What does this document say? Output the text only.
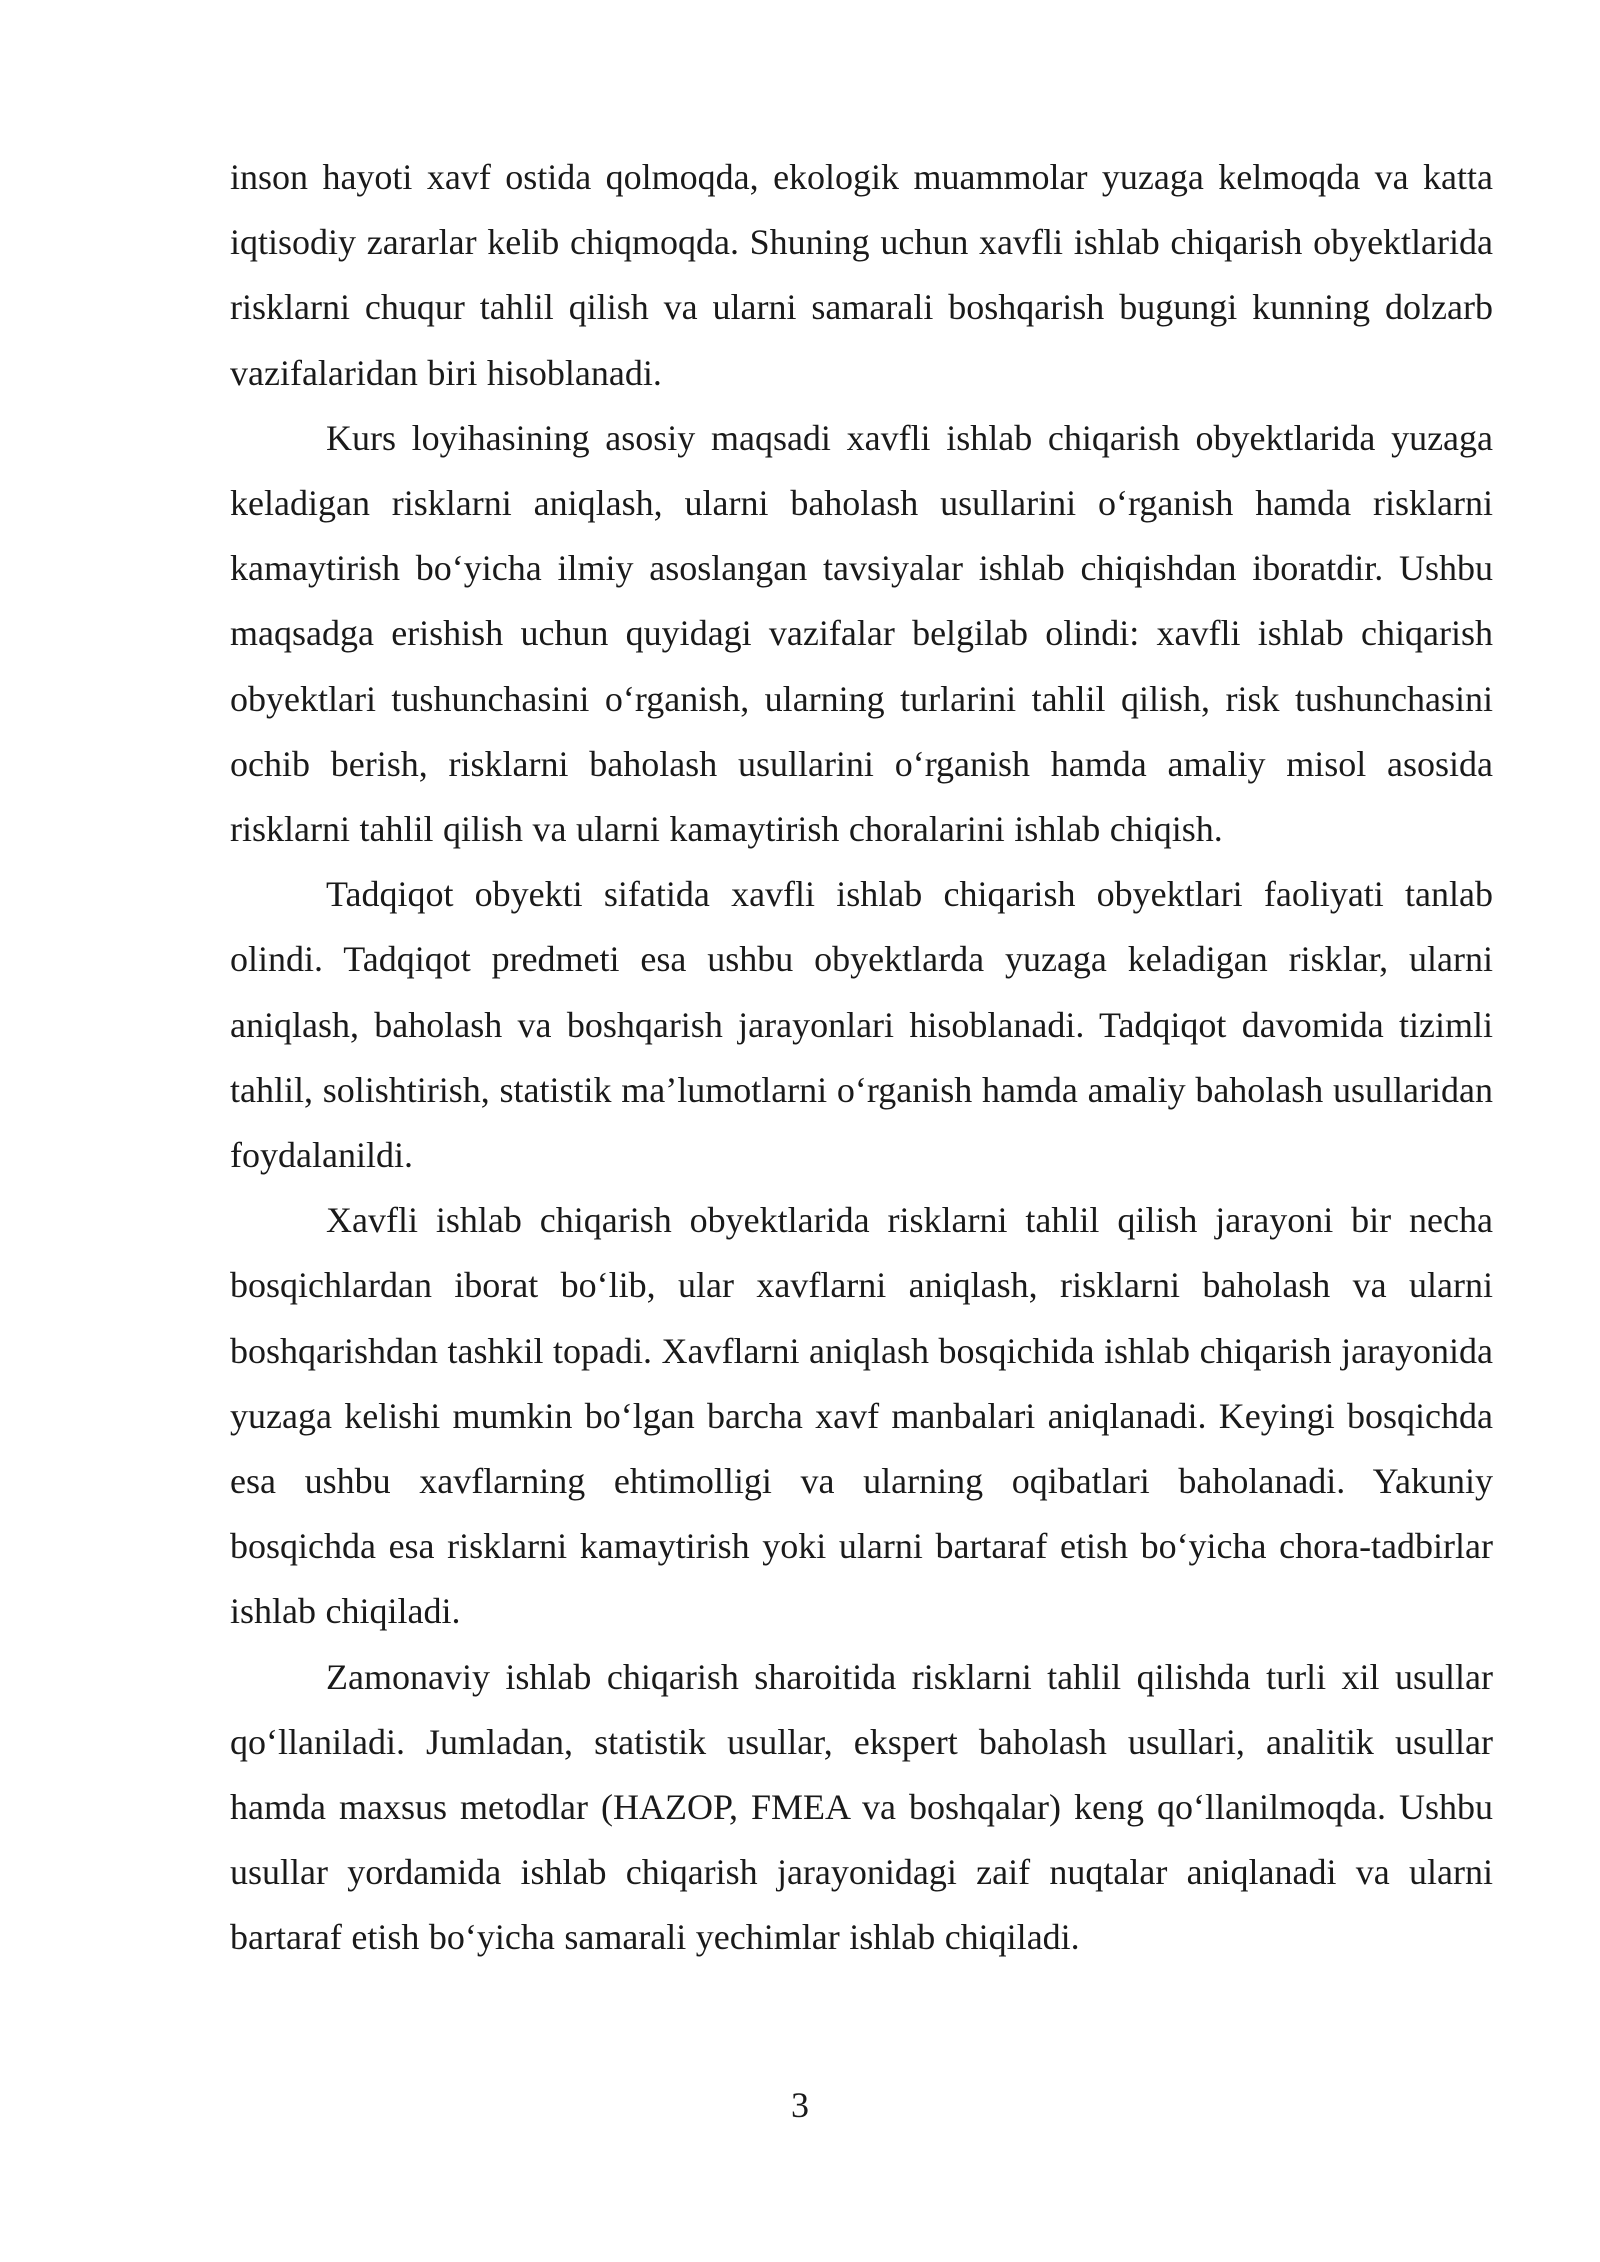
inson hayoti xavf ostida qolmoqda, ekologik muammolar yuzaga kelmoqda va katta iqtisodiy zararlar kelib chiqmoqda. Shuning uchun xavfli ishlab chiqarish obyektlarida risklarni chuqur tahlil qilish va ularni samarali boshqarish bugungi kunning dolzarb vazifalaridan biri hisoblanadi.

Kurs loyihasining asosiy maqsadi xavfli ishlab chiqarish obyektlarida yuzaga keladigan risklarni aniqlash, ularni baholash usullarini o‘rganish hamda risklarni kamaytirish bo‘yicha ilmiy asoslangan tavsiyalar ishlab chiqishdan iboratdir. Ushbu maqsadga erishish uchun quyidagi vazifalar belgilab olindi: xavfli ishlab chiqarish obyektlari tushunchasini o‘rganish, ularning turlarini tahlil qilish, risk tushunchasini ochib berish, risklarni baholash usullarini o‘rganish hamda amaliy misol asosida risklarni tahlil qilish va ularni kamaytirish choralarini ishlab chiqish.

Tadqiqot obyekti sifatida xavfli ishlab chiqarish obyektlari faoliyati tanlab olindi. Tadqiqot predmeti esa ushbu obyektlarda yuzaga keladigan risklar, ularni aniqlash, baholash va boshqarish jarayonlari hisoblanadi. Tadqiqot davomida tizimli tahlil, solishtirish, statistik ma’lumotlarni o‘rganish hamda amaliy baholash usullaridan foydalanildi.

Xavfli ishlab chiqarish obyektlarida risklarni tahlil qilish jarayoni bir necha bosqichlardan iborat bo‘lib, ular xavflarni aniqlash, risklarni baholash va ularni boshqarishdan tashkil topadi. Xavflarni aniqlash bosqichida ishlab chiqarish jarayonida yuzaga kelishi mumkin bo‘lgan barcha xavf manbalari aniqlanadi. Keyingi bosqichda esa ushbu xavflarning ehtimolligi va ularning oqibatlari baholanadi. Yakuniy bosqichda esa risklarni kamaytirish yoki ularni bartaraf etish bo‘yicha chora-tadbirlar ishlab chiqiladi.

Zamonaviy ishlab chiqarish sharoitida risklarni tahlil qilishda turli xil usullar qo‘llaniladi. Jumladan, statistik usullar, ekspert baholash usullari, analitik usullar hamda maxsus metodlar (HAZOP, FMEA va boshqalar) keng qo‘llanilmoqda. Ushbu usullar yordamida ishlab chiqarish jarayonidagi zaif nuqtalar aniqlanadi va ularni bartaraf etish bo‘yicha samarali yechimlar ishlab chiqiladi.

3
